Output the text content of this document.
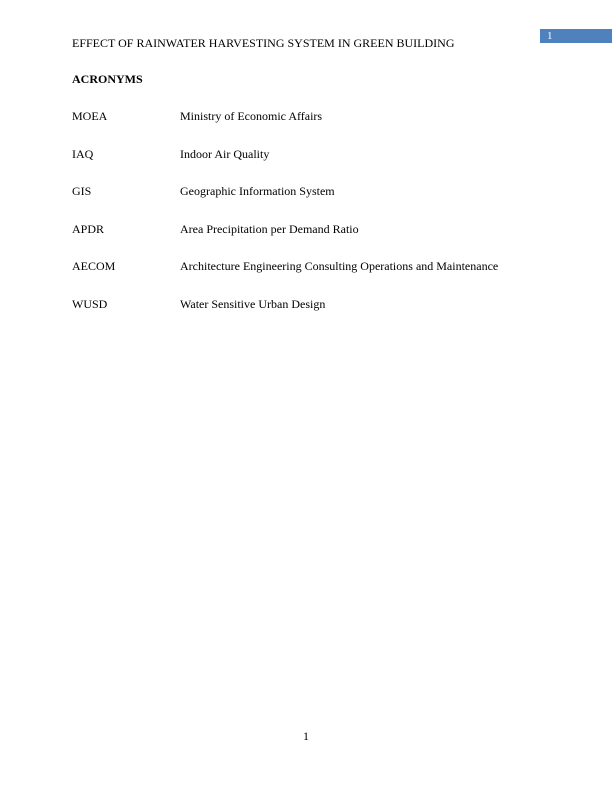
1
EFFECT OF RAINWATER HARVESTING SYSTEM IN GREEN BUILDING
ACRONYMS
MOEA	Ministry of Economic Affairs
IAQ	Indoor Air Quality
GIS	Geographic Information System
APDR	Area Precipitation per Demand Ratio
AECOM	Architecture Engineering Consulting Operations and Maintenance
WUSD	Water Sensitive Urban Design
1
